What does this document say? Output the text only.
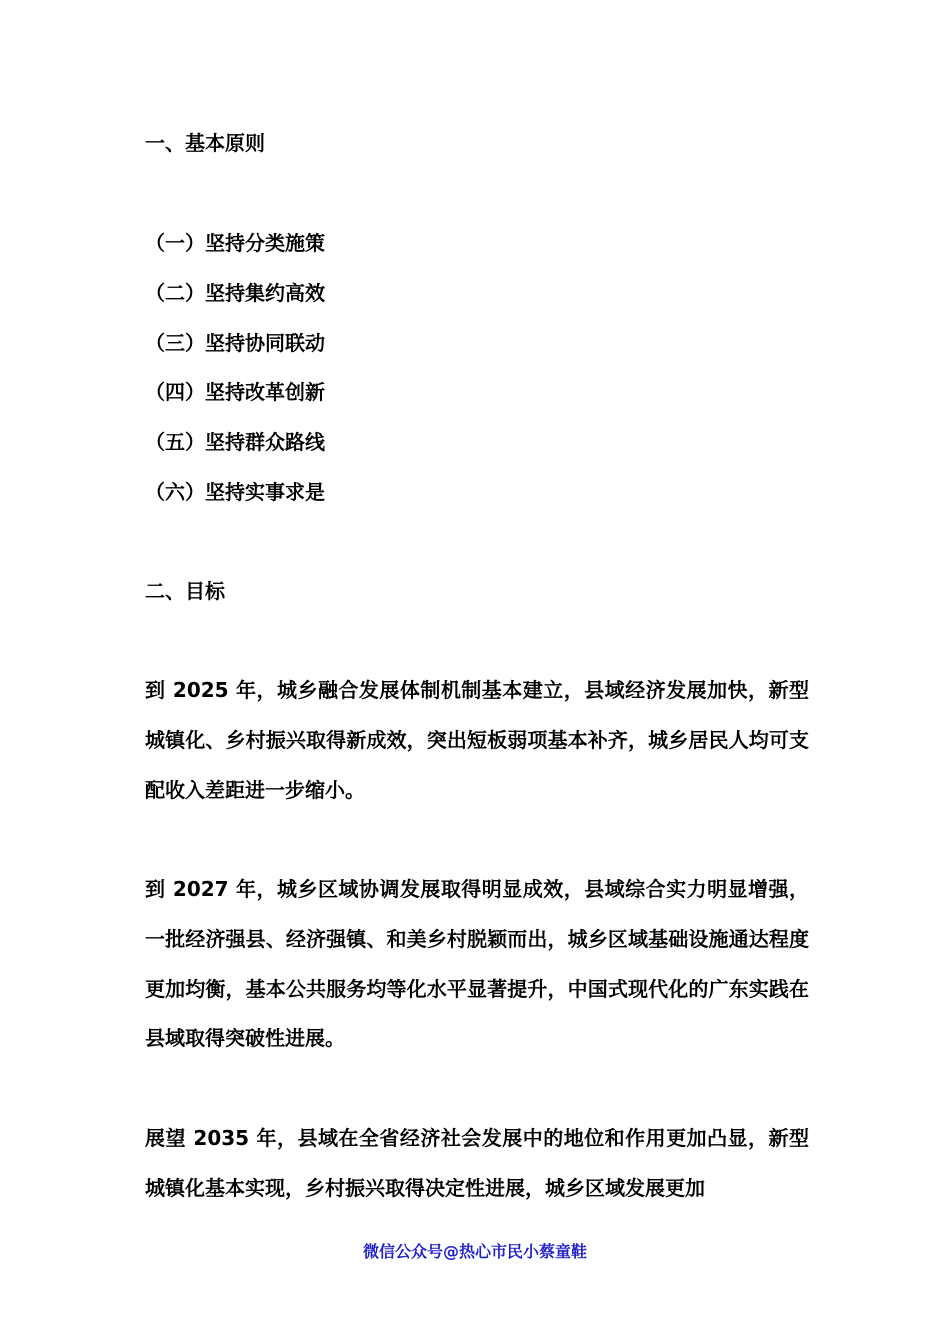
一、基本原则
（一）坚持分类施策
（二）坚持集约高效
（三）坚持协同联动
（四）坚持改革创新
（五）坚持群众路线
（六）坚持实事求是
二、目标

到 2025 年，城乡融合发展体制机制基本建立，县域经济发展加快，新型城镇化、乡村振兴取得新成效，突出短板弱项基本补齐，城乡居民人均可支配收入差距进一步缩小。

到 2027 年，城乡区域协调发展取得明显成效，县域综合实力明显增强，一批经济强县、经济强镇、和美乡村脱颖而出，城乡区域基础设施通达程度更加均衡，基本公共服务均等化水平显著提升，中国式现代化的广东实践在县域取得突破性进展。

展望 2035 年，县域在全省经济社会发展中的地位和作用更加凸显，新型城镇化基本实现，乡村振兴取得决定性进展，城乡区域发展更加

微信公众号@热心市民小蔡童鞋
